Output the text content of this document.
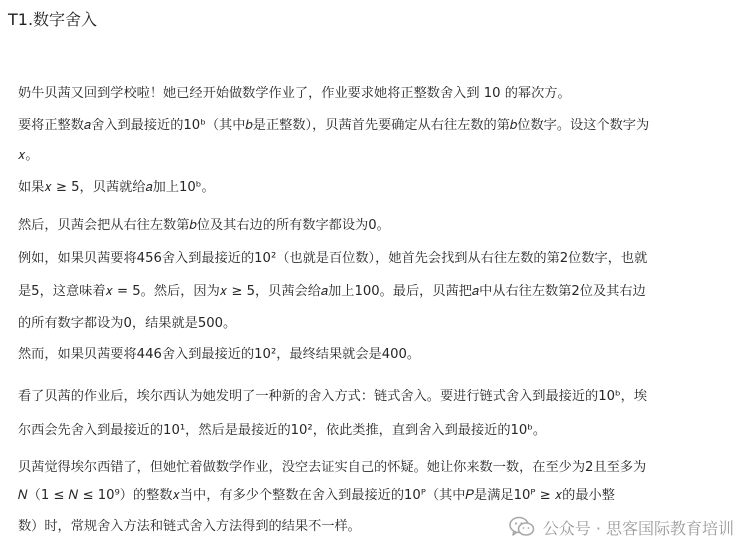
T1.数字舍入
奶牛贝茜又回到学校啦！她已经开始做数学作业了，作业要求她将正整数舍入到 10 的幂次方。
要将正整数𝑎舍入到最接近的10ᵇ（其中𝑏是正整数），贝茜首先要确定从右往左数的第𝑏位数字。设这个数字为
𝑥。
如果𝑥 ≥ 5，贝茜就给𝑎加上10ᵇ。
然后，贝茜会把从右往左数第𝑏位及其右边的所有数字都设为0。
例如，如果贝茜要将456舍入到最接近的10²（也就是百位数），她首先会找到从右往左数的第2位数字，也就
是5，这意味着𝑥 = 5。然后，因为𝑥 ≥ 5，贝茜会给𝑎加上100。最后，贝茜把𝑎中从右往左数第2位及其右边
的所有数字都设为0，结果就是500。
然而，如果贝茜要将446舍入到最接近的10²，最终结果就会是400。
看了贝茜的作业后，埃尔西认为她发明了一种新的舍入方式：链式舍入。要进行链式舍入到最接近的10ᵇ，埃
尔西会先舍入到最接近的10¹，然后是最接近的10²，依此类推，直到舍入到最接近的10ᵇ。
贝茜觉得埃尔西错了，但她忙着做数学作业，没空去证实自己的怀疑。她让你来数一数，在至少为2且至多为
𝑁（1 ≤ 𝑁 ≤ 10⁹）的整数𝑥当中，有多少个整数在舍入到最接近的10ᴾ（其中𝑃是满足10ᴾ ≥ 𝑥的最小整
数）时，常规舍入方法和链式舍入方法得到的结果不一样。	公众号 · 思客国际教育培训
